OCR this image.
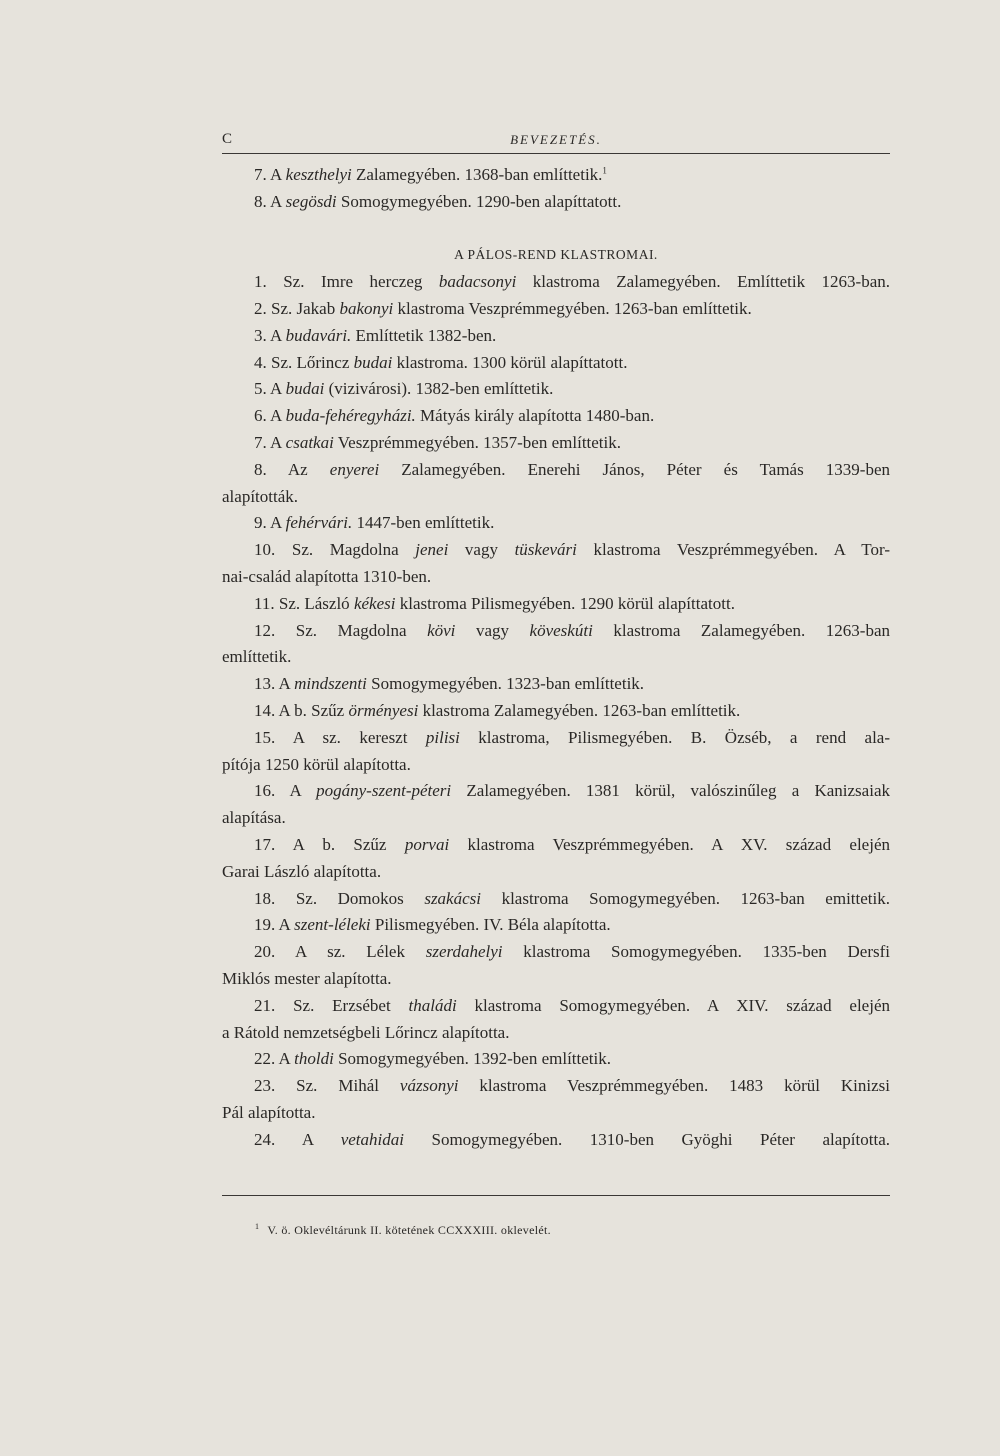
C	BEVEZETÉS.
7. A keszthelyi Zalamegyében. 1368-ban említtetik.$^1$
8. A segösdi Somogymegyében. 1290-ben alapíttatott.
A PÁLOS-REND KLASTROMAI.
1. Sz. Imre herczeg badacsonyi klastroma Zalamegyében. Említtetik 1263-ban.
2. Sz. Jakab bakonyi klastroma Veszprémmegyében. 1263-ban említtetik.
3. A budavári. Említtetik 1382-ben.
4. Sz. Lőrincz budai klastroma. 1300 körül alapíttatott.
5. A budai (vizivárosi). 1382-ben említtetik.
6. A buda-fehéregyházi. Mátyás király alapította 1480-ban.
7. A csatkai Veszprémmegyében. 1357-ben említtetik.
8. Az enyerei Zalamegyében. Enerehi János, Péter és Tamás 1339-ben
alapították.
9. A fehérvári. 1447-ben említtetik.
10. Sz. Magdolna jenei vagy tüskevári klastroma Veszprémmegyében. A Tor-
nai-család alapította 1310-ben.
11. Sz. László kékesi klastroma Pilismegyében. 1290 körül alapíttatott.
12. Sz. Magdolna kövi vagy köveskúti klastroma Zalamegyében. 1263-ban
említtetik.
13. A mindszenti Somogymegyében. 1323-ban említtetik.
14. A b. Szűz örményesi klastroma Zalamegyében. 1263-ban említtetik.
15. A sz. kereszt pilisi klastroma, Pilismegyében. B. Özséb, a rend ala-
pítója 1250 körül alapította.
16. A pogány-szent-péteri Zalamegyében. 1381 körül, valószinűleg a Kanizsaiak
alapítása.
17. A b. Szűz porvai klastroma Veszprémmegyében. A XV. század elején
Garai László alapította.
18. Sz. Domokos szakácsi klastroma Somogymegyében. 1263-ban emittetik.
19. A szent-léleki Pilismegyében. IV. Béla alapította.
20. A sz. Lélek szerdahelyi klastroma Somogymegyében. 1335-ben Dersfi
Miklós mester alapította.
21. Sz. Erzsébet thaládi klastroma Somogymegyében. A XIV. század elején
a Rátold nemzetségbeli Lőrincz alapította.
22. A tholdi Somogymegyében. 1392-ben említtetik.
23. Sz. Mihál vázsonyi klastroma Veszprémmegyében. 1483 körül Kinizsi
Pál alapította.
24. A vetahidai Somogymegyében. 1310-ben Gyöghi Péter alapította.
$^1$ V. ö. Oklevéltárunk II. kötetének CCXXXIII. oklevelét.
